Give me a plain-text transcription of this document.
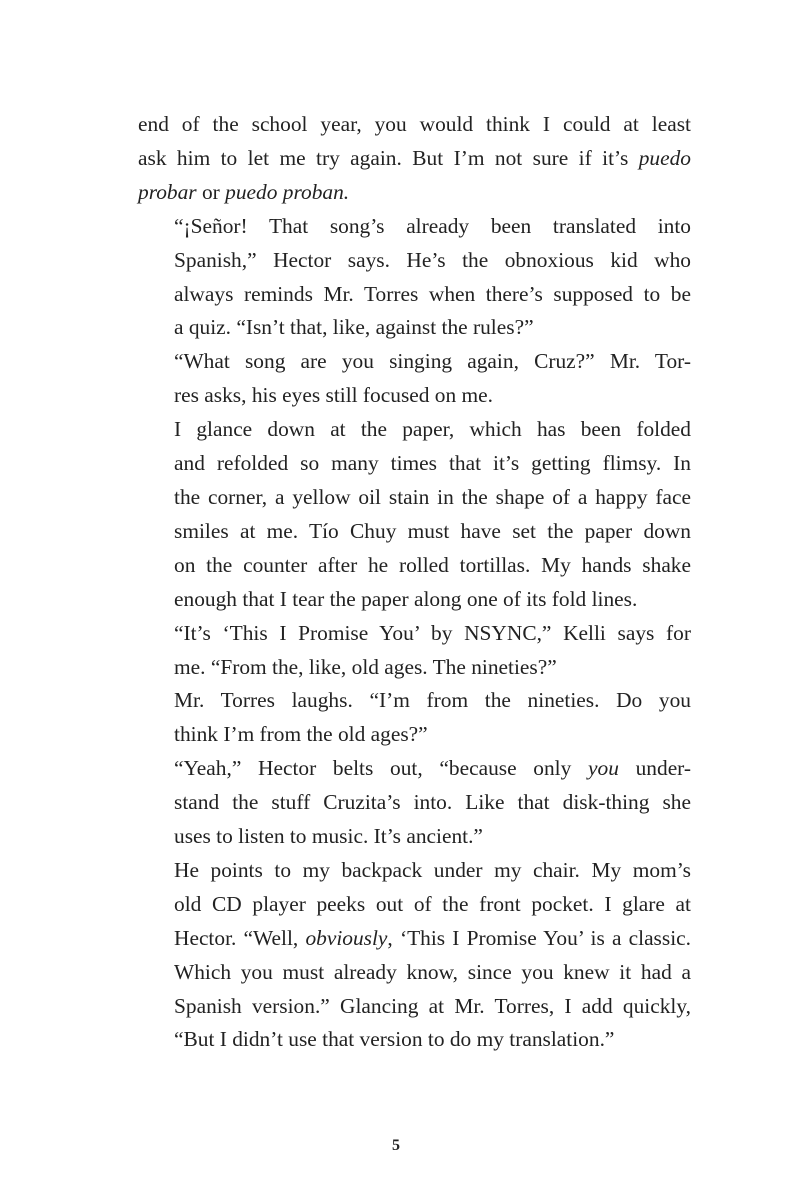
end of the school year, you would think I could at least
ask him to let me try again. But I’m not sure if it’s puedo
probar or puedo proban.

“¡Señor! That song’s already been translated into
Spanish,” Hector says. He’s the obnoxious kid who
always reminds Mr. Torres when there’s supposed to be
a quiz. “Isn’t that, like, against the rules?”

“What song are you singing again, Cruz?” Mr. Tor-
res asks, his eyes still focused on me.

I glance down at the paper, which has been folded
and refolded so many times that it’s getting flimsy. In
the corner, a yellow oil stain in the shape of a happy face
smiles at me. Tío Chuy must have set the paper down
on the counter after he rolled tortillas. My hands shake
enough that I tear the paper along one of its fold lines.

“It’s ‘This I Promise You’ by NSYNC,” Kelli says for
me. “From the, like, old ages. The nineties?”

Mr. Torres laughs. “I’m from the nineties. Do you
think I’m from the old ages?”

“Yeah,” Hector belts out, “because only you under-
stand the stuff Cruzita’s into. Like that disk-thing she
uses to listen to music. It’s ancient.”

He points to my backpack under my chair. My mom’s
old CD player peeks out of the front pocket. I glare at
Hector. “Well, obviously, ‘This I Promise You’ is a classic.
Which you must already know, since you knew it had a
Spanish version.” Glancing at Mr. Torres, I add quickly,
“But I didn’t use that version to do my translation.”

5
